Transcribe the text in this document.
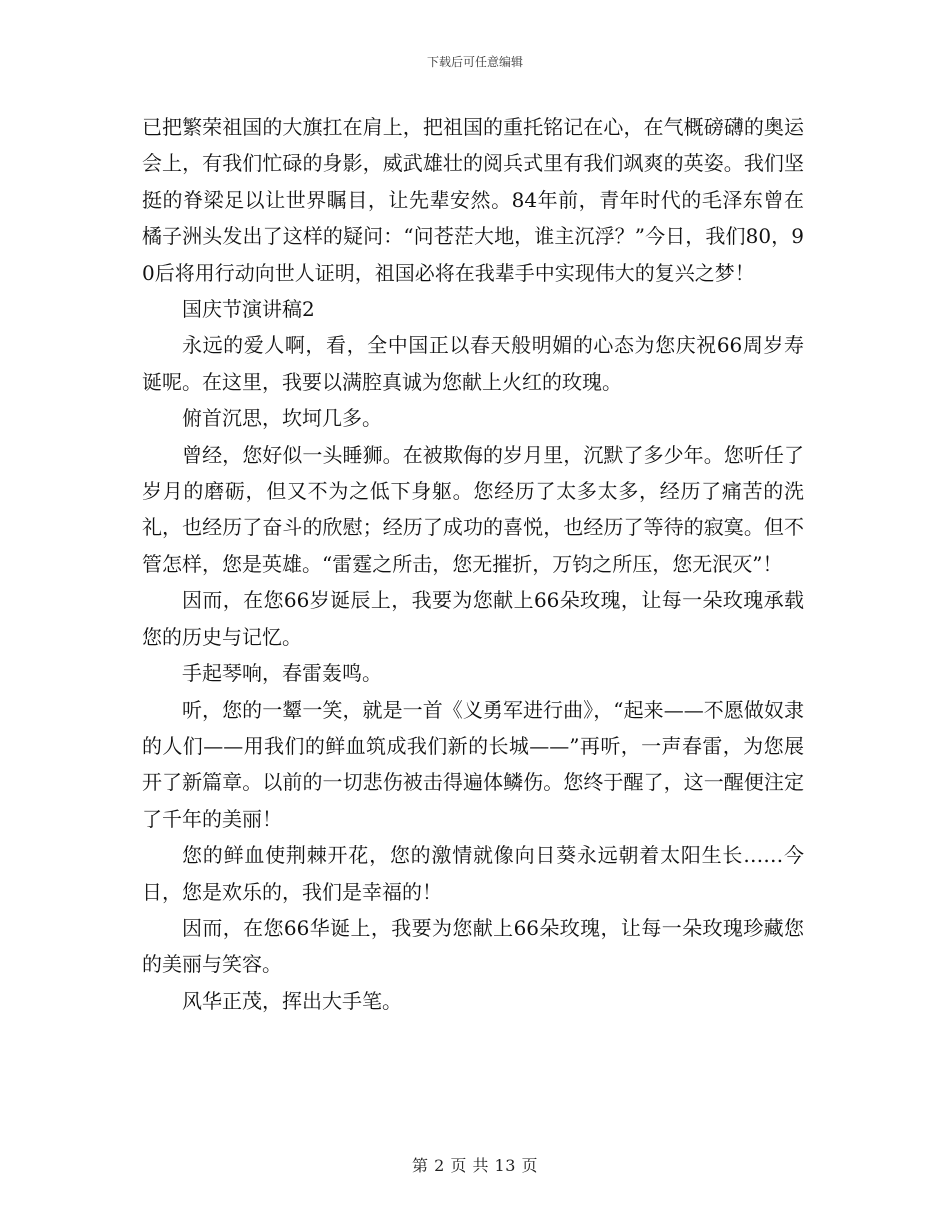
下载后可任意编辑

已把繁荣祖国的大旗扛在肩上，把祖国的重托铭记在心，在气概磅礴的奥运会上，有我们忙碌的身影，威武雄壮的阅兵式里有我们飒爽的英姿。我们坚挺的脊梁足以让世界瞩目，让先辈安然。84年前，青年时代的毛泽东曾在橘子洲头发出了这样的疑问：“问苍茫大地，谁主沉浮？”今日，我们80，90后将用行动向世人证明，祖国必将在我辈手中实现伟大的复兴之梦！

国庆节演讲稿2

永远的爱人啊，看，全中国正以春天般明媚的心态为您庆祝66周岁寿诞呢。在这里，我要以满腔真诚为您献上火红的玫瑰。

俯首沉思，坎坷几多。

曾经，您好似一头睡狮。在被欺侮的岁月里，沉默了多少年。您听任了岁月的磨砺，但又不为之低下身躯。您经历了太多太多，经历了痛苦的洗礼，也经历了奋斗的欣慰；经历了成功的喜悦，也经历了等待的寂寞。但不管怎样，您是英雄。“雷霆之所击，您无摧折，万钧之所压，您无泯灭”！

因而，在您66岁诞辰上，我要为您献上66朵玫瑰，让每一朵玫瑰承载您的历史与记忆。

手起琴响，春雷轰鸣。

听，您的一颦一笑，就是一首《义勇军进行曲》，“起来——不愿做奴隶的人们——用我们的鲜血筑成我们新的长城——”再听，一声春雷，为您展开了新篇章。以前的一切悲伤被击得遍体鳞伤。您终于醒了，这一醒便注定了千年的美丽！

您的鲜血使荆棘开花，您的激情就像向日葵永远朝着太阳生长……今日，您是欢乐的，我们是幸福的！

因而，在您66华诞上，我要为您献上66朵玫瑰，让每一朵玫瑰珍藏您的美丽与笑容。

风华正茂，挥出大手笔。

第 2 页 共 13 页
